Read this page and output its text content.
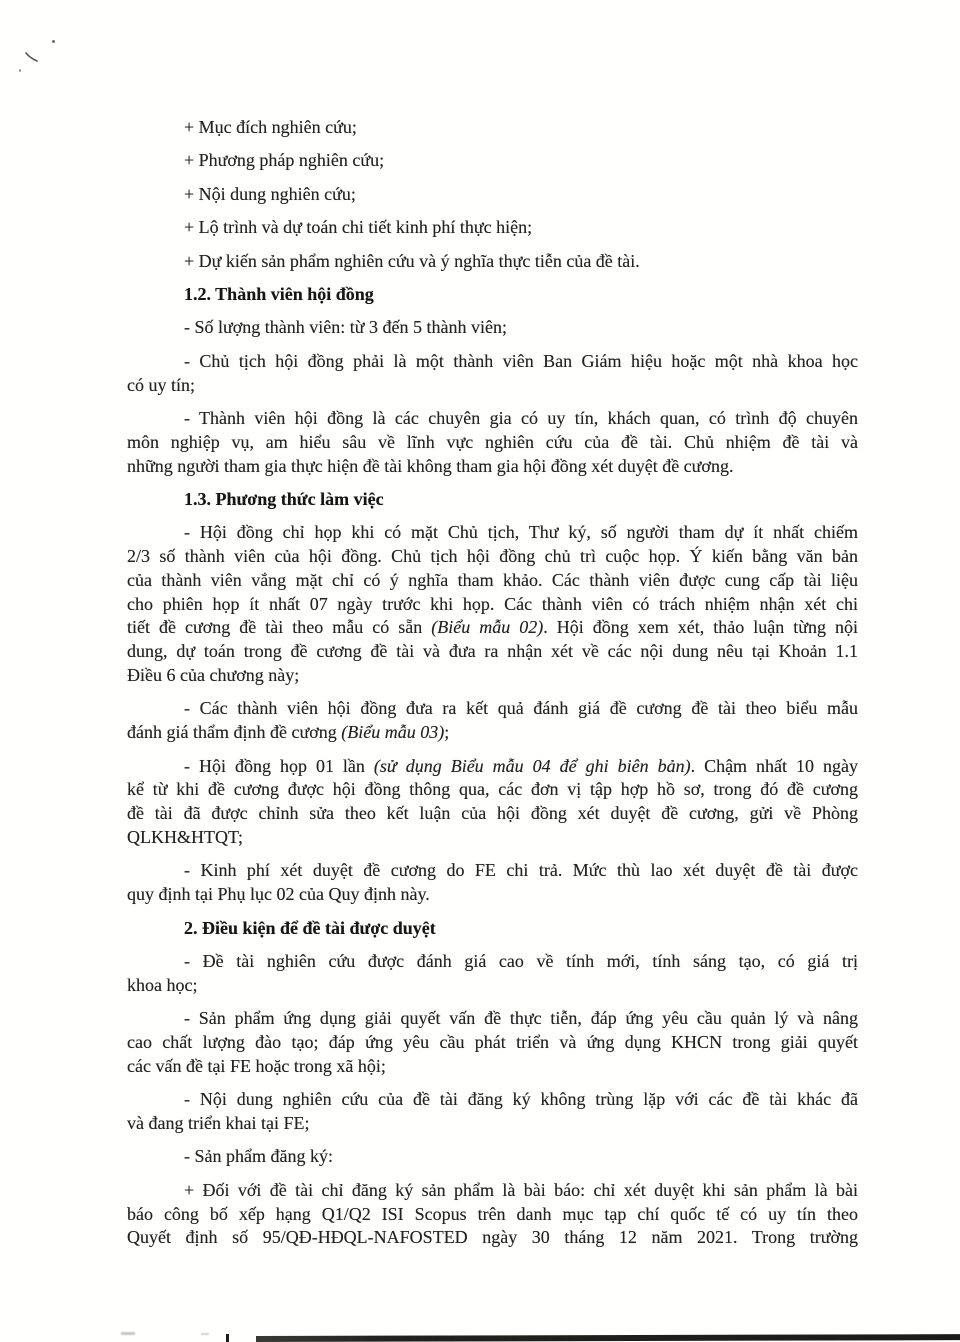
+ Mục đích nghiên cứu;
+ Phương pháp nghiên cứu;
+ Nội dung nghiên cứu;
+ Lộ trình và dự toán chi tiết kinh phí thực hiện;
+ Dự kiến sản phẩm nghiên cứu và ý nghĩa thực tiễn của đề tài.
1.2. Thành viên hội đồng
- Số lượng thành viên: từ 3 đến 5 thành viên;
- Chủ tịch hội đồng phải là một thành viên Ban Giám hiệu hoặc một nhà khoa học
có uy tín;
- Thành viên hội đồng là các chuyên gia có uy tín, khách quan, có trình độ chuyên
môn nghiệp vụ, am hiểu sâu về lĩnh vực nghiên cứu của đề tài. Chủ nhiệm đề tài và
những người tham gia thực hiện đề tài không tham gia hội đồng xét duyệt đề cương.
1.3. Phương thức làm việc
- Hội đồng chỉ họp khi có mặt Chủ tịch, Thư ký, số người tham dự ít nhất chiếm
2/3 số thành viên của hội đồng. Chủ tịch hội đồng chủ trì cuộc họp. Ý kiến bằng văn bản
của thành viên vắng mặt chỉ có ý nghĩa tham khảo. Các thành viên được cung cấp tài liệu
cho phiên họp ít nhất 07 ngày trước khi họp. Các thành viên có trách nhiệm nhận xét chi
tiết đề cương đề tài theo mẫu có sẵn (Biểu mẫu 02). Hội đồng xem xét, thảo luận từng nội
dung, dự toán trong đề cương đề tài và đưa ra nhận xét về các nội dung nêu tại Khoản 1.1
Điều 6 của chương này;
- Các thành viên hội đồng đưa ra kết quả đánh giá đề cương đề tài theo biểu mẫu
đánh giá thẩm định đề cương (Biểu mẫu 03);
- Hội đồng họp 01 lần (sử dụng Biểu mẫu 04 để ghi biên bản). Chậm nhất 10 ngày
kể từ khi đề cương được hội đồng thông qua, các đơn vị tập hợp hồ sơ, trong đó đề cương
đề tài đã được chỉnh sửa theo kết luận của hội đồng xét duyệt đề cương, gửi về Phòng
QLKH&HTQT;
- Kinh phí xét duyệt đề cương do FE chi trả. Mức thù lao xét duyệt đề tài được
quy định tại Phụ lục 02 của Quy định này.
2. Điều kiện để đề tài được duyệt
- Đề tài nghiên cứu được đánh giá cao về tính mới, tính sáng tạo, có giá trị
khoa học;
- Sản phẩm ứng dụng giải quyết vấn đề thực tiễn, đáp ứng yêu cầu quản lý và nâng
cao chất lượng đào tạo; đáp ứng yêu cầu phát triển và ứng dụng KHCN trong giải quyết
các vấn đề tại FE hoặc trong xã hội;
- Nội dung nghiên cứu của đề tài đăng ký không trùng lặp với các đề tài khác đã
và đang triển khai tại FE;
- Sản phẩm đăng ký:
+ Đối với đề tài chỉ đăng ký sản phẩm là bài báo: chỉ xét duyệt khi sản phẩm là bài
báo công bố xếp hạng Q1/Q2 ISI Scopus trên danh mục tạp chí quốc tế có uy tín theo
Quyết định số 95/QĐ-HĐQL-NAFOSTED ngày 30 tháng 12 năm 2021. Trong trường
